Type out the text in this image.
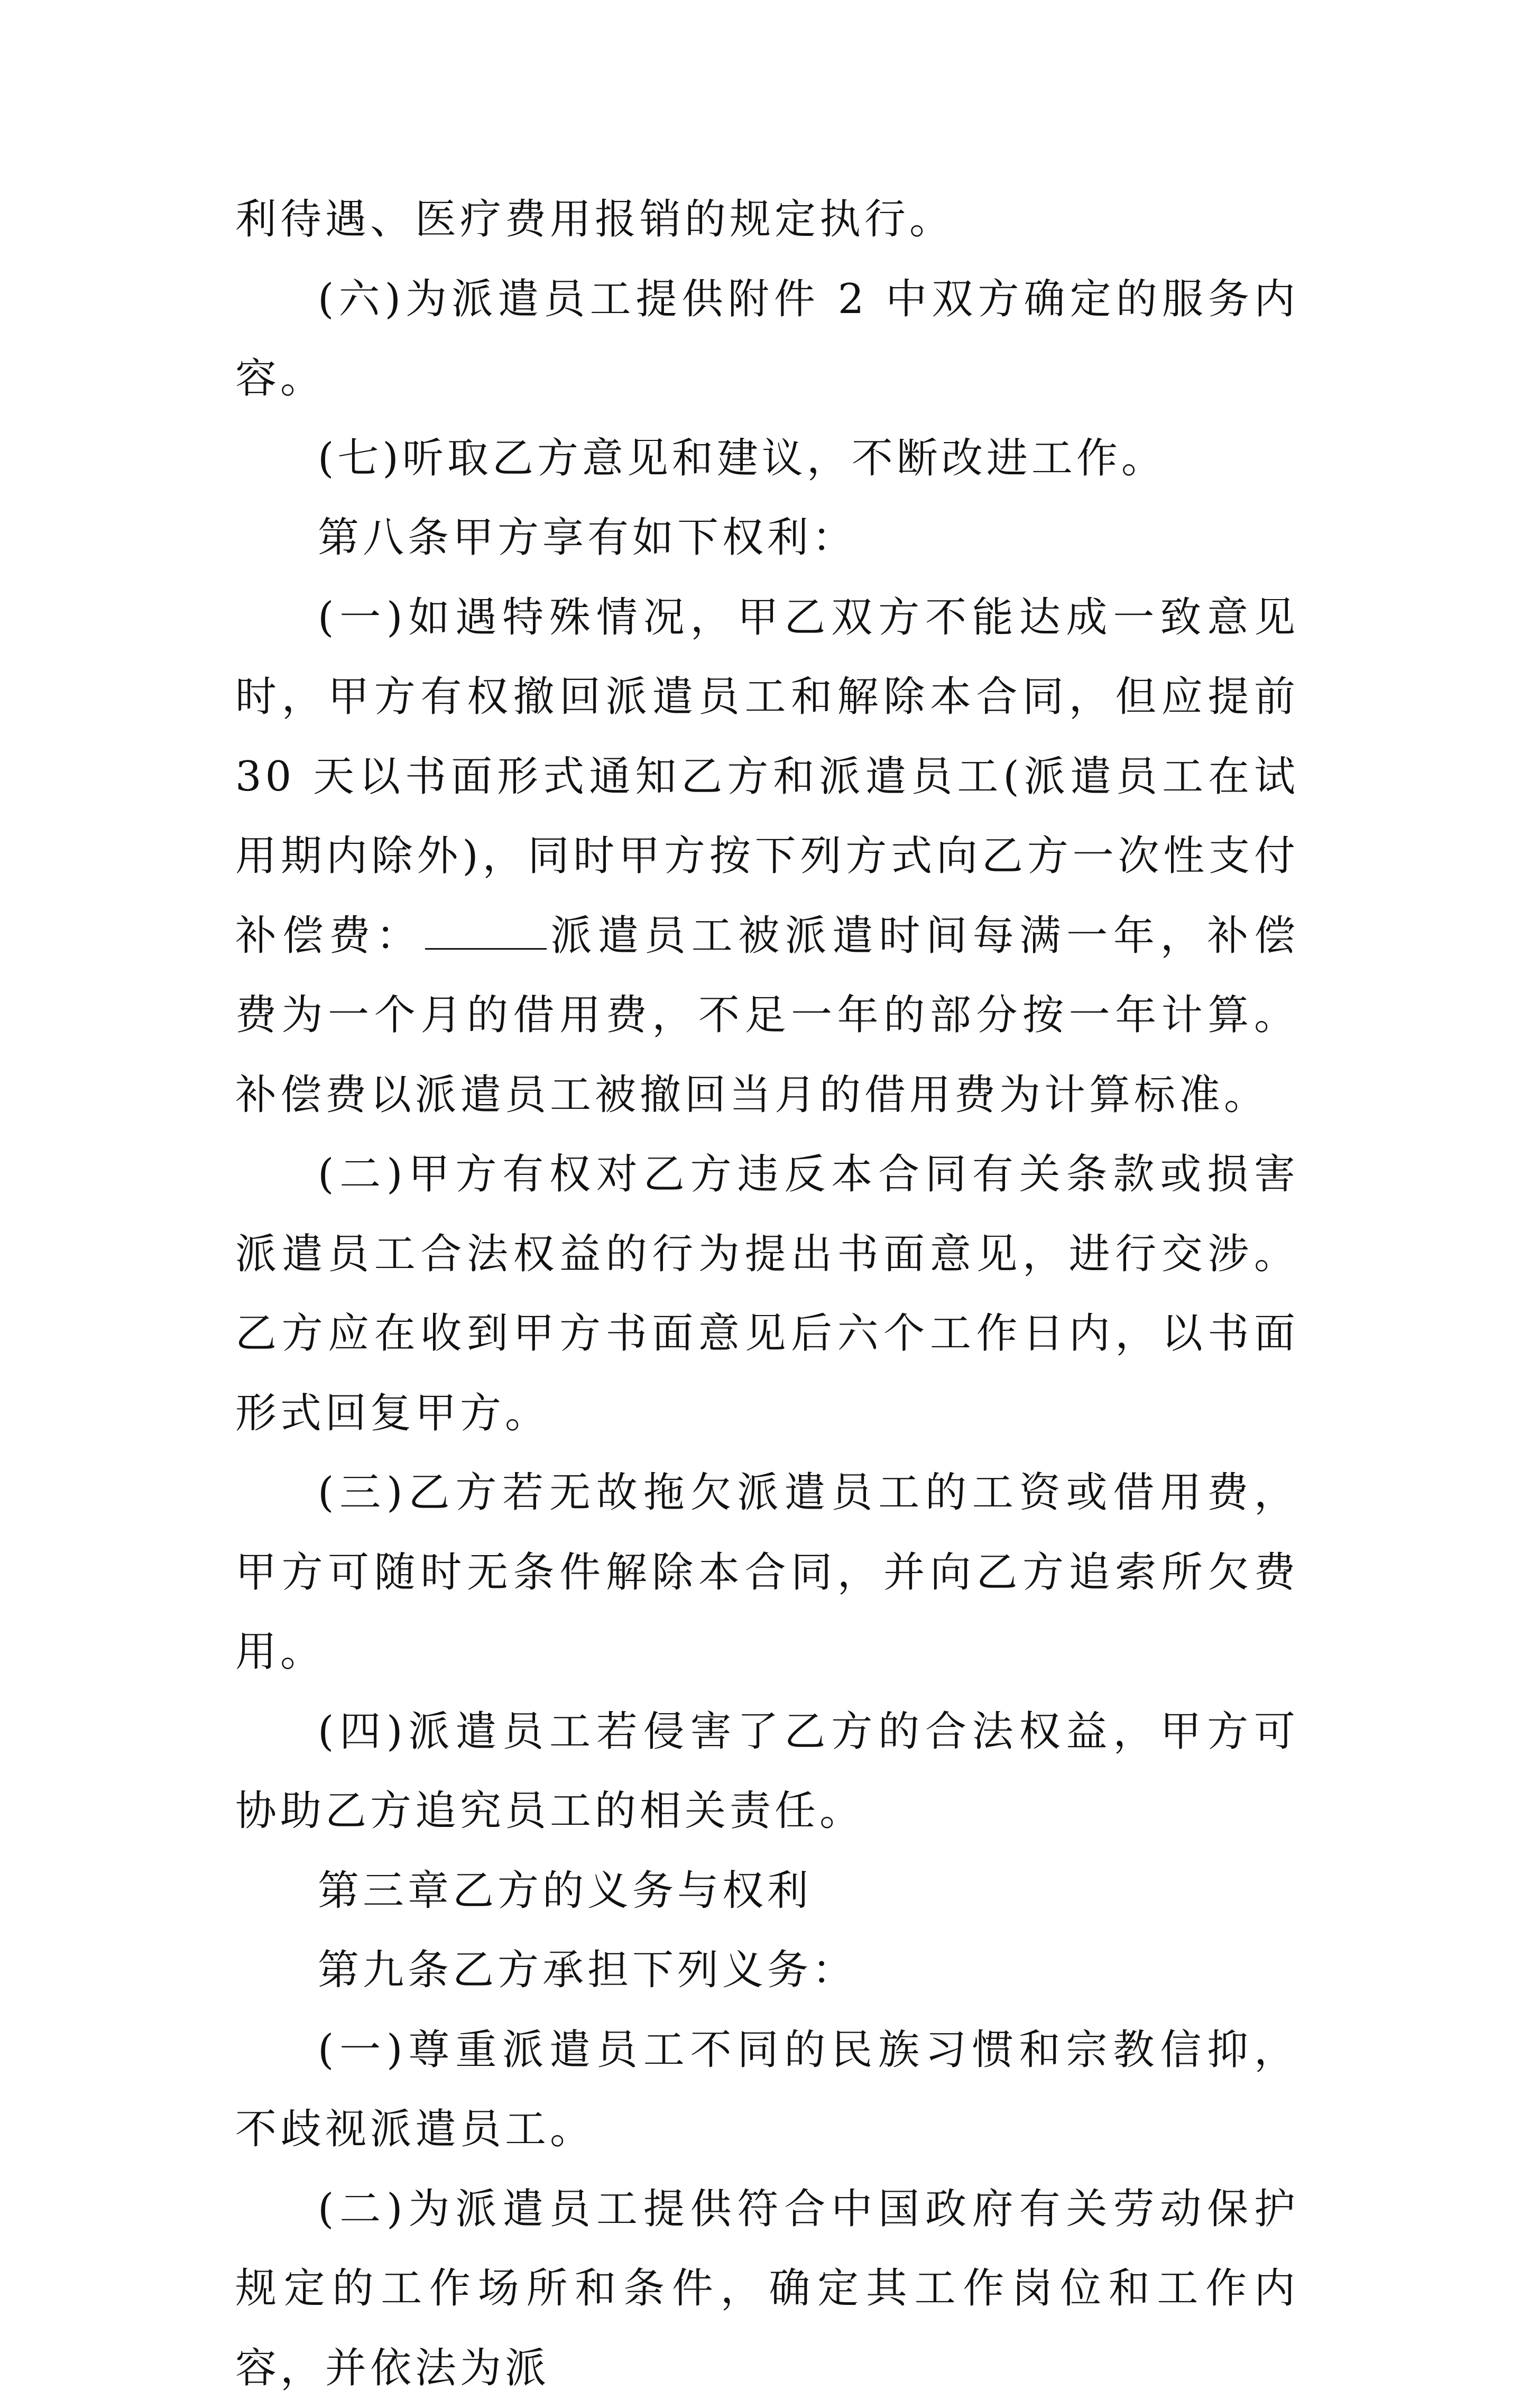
利待遇、医疗费用报销的规定执行。

(六)为派遣员工提供附件 2 中双方确定的服务内容。

(七)听取乙方意见和建议，不断改进工作。

第八条甲方享有如下权利：

(一)如遇特殊情况，甲乙双方不能达成一致意见时，甲方有权撤回派遣员工和解除本合同，但应提前 30 天以书面形式通知乙方和派遣员工(派遣员工在试用期内除外)，同时甲方按下列方式向乙方一次性支付补偿费：	派遣员工被派遣时间每满一年，补偿费为一个月的借用费，不足一年的部分按一年计算。补偿费以派遣员工被撤回当月的借用费为计算标准。

(二)甲方有权对乙方违反本合同有关条款或损害派遣员工合法权益的行为提出书面意见，进行交涉。乙方应在收到甲方书面意见后六个工作日内，以书面形式回复甲方。

(三)乙方若无故拖欠派遣员工的工资或借用费，甲方可随时无条件解除本合同，并向乙方追索所欠费用。

(四)派遣员工若侵害了乙方的合法权益，甲方可协助乙方追究员工的相关责任。

第三章乙方的义务与权利

第九条乙方承担下列义务：

(一)尊重派遣员工不同的民族习惯和宗教信抑，不歧视派遣员工。

(二)为派遣员工提供符合中国政府有关劳动保护规定的工作场所和条件，确定其工作岗位和工作内容，并依法为派
